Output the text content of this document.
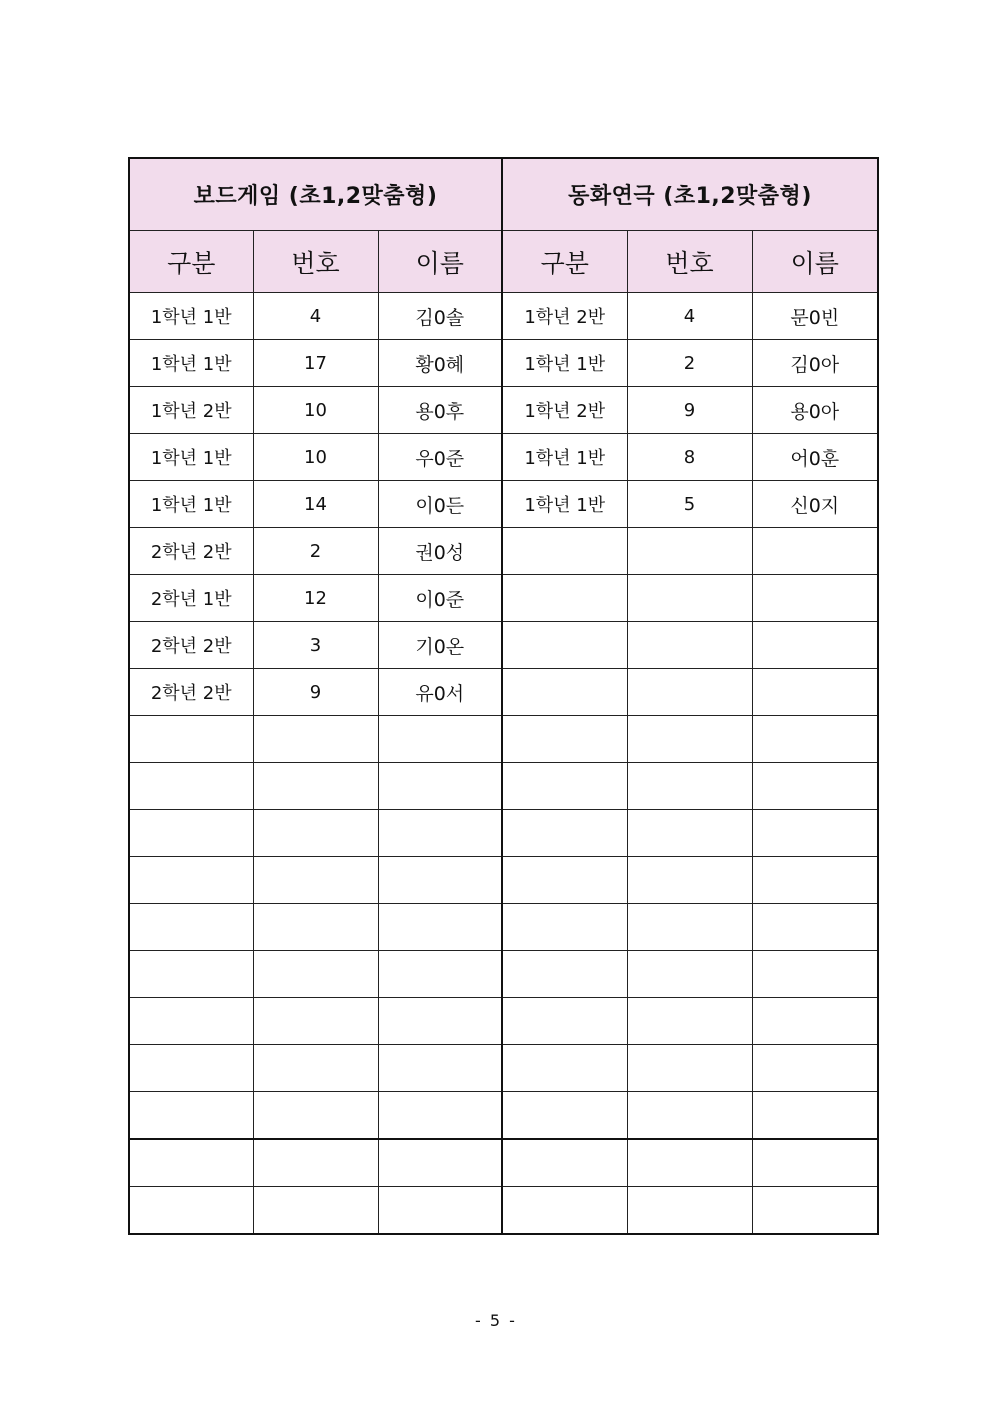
보드게임 (초1,2맞춤형)			동화연극 (초1,2맞춤형)		
구분	번호	이름	구분	번호	이름
1학년 1반	4	김0솔	1학년 2반	4	문0빈
1학년 1반	17	황0혜	1학년 1반	2	김0아
1학년 2반	10	용0후	1학년 2반	9	용0아
1학년 1반	10	우0준	1학년 1반	8	어0훈
1학년 1반	14	이0든	1학년 1반	5	신0지
2학년 2반	2	권0성			
2학년 1반	12	이0준			
2학년 2반	3	기0온			
2학년 2반	9	유0서			

- 5 -
